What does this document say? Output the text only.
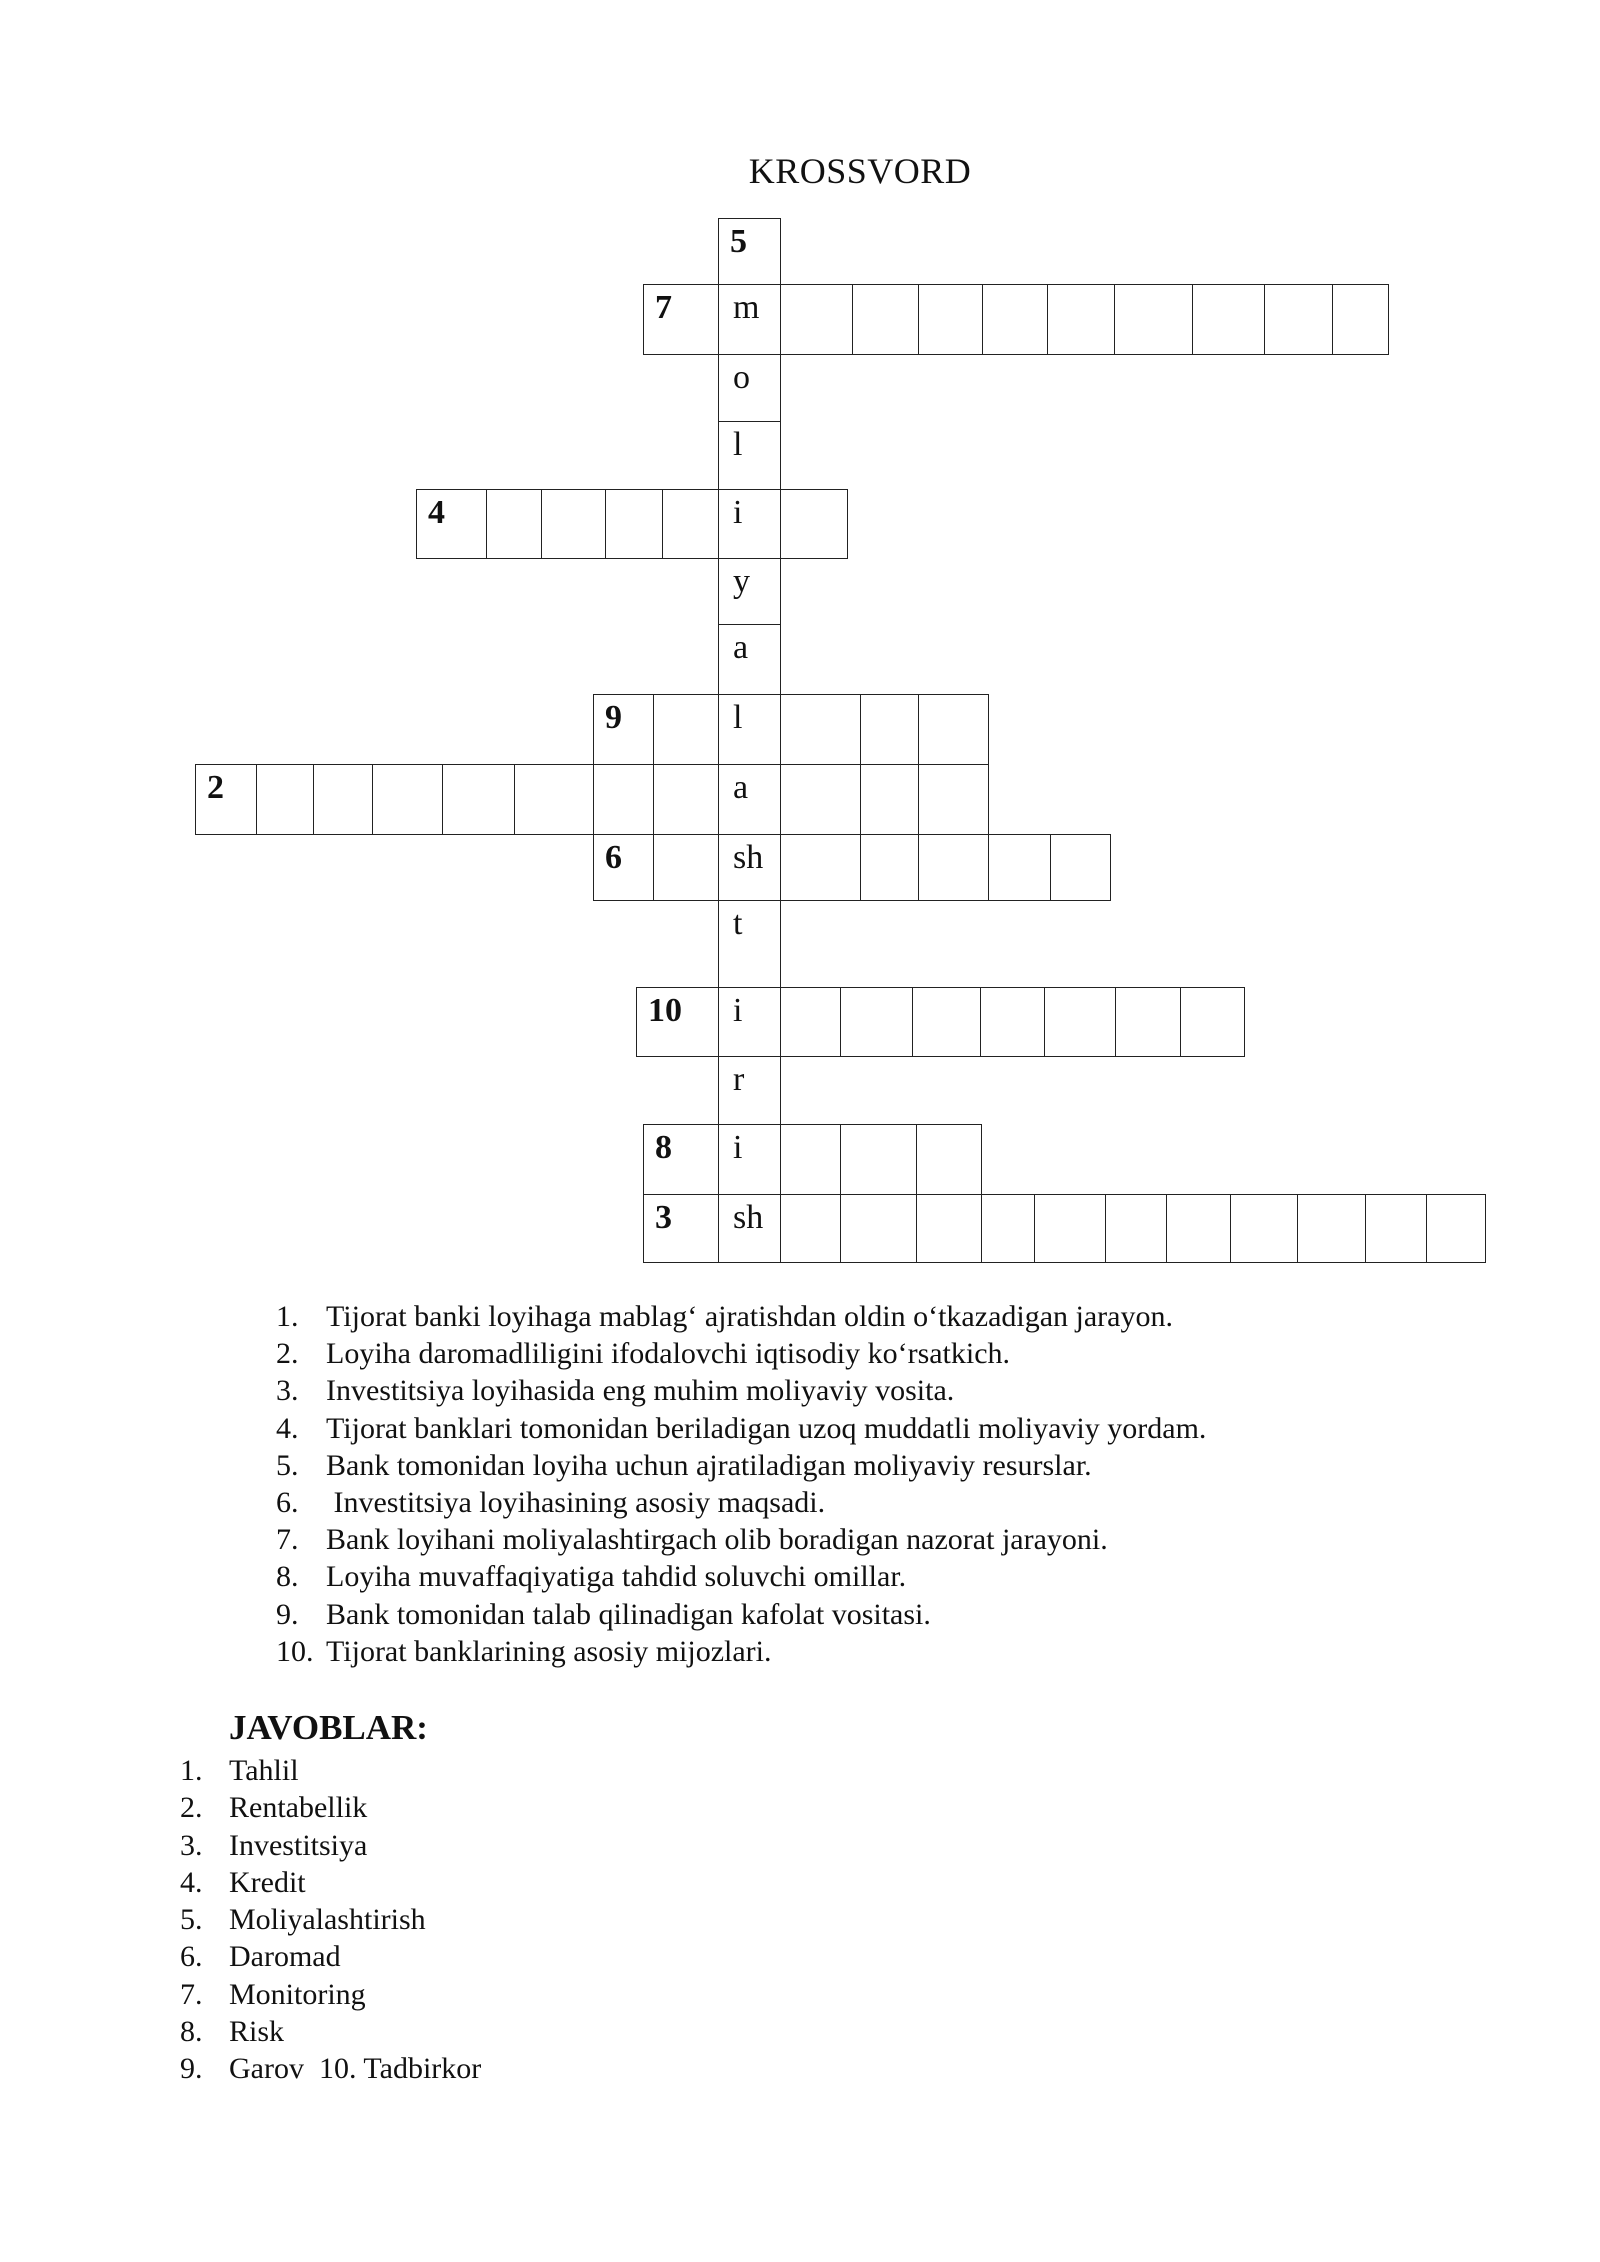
KROSSVORD
7
4
9
2
6
10
8
3
5
m
o
l
i
y
a
l
a
sh
t
i
r
i
sh
1. Tijorat banki loyihaga mablag‘ ajratishdan oldin o‘tkazadigan jarayon.
2. Loyiha daromadliligini ifodalovchi iqtisodiy ko‘rsatkich.
3. Investitsiya loyihasida eng muhim moliyaviy vosita.
4. Tijorat banklari tomonidan beriladigan uzoq muddatli moliyaviy yordam.
5. Bank tomonidan loyiha uchun ajratiladigan moliyaviy resurslar.
6. Investitsiya loyihasining asosiy maqsadi.
7. Bank loyihani moliyalashtirgach olib boradigan nazorat jarayoni.
8. Loyiha muvaffaqiyatiga tahdid soluvchi omillar.
9. Bank tomonidan talab qilinadigan kafolat vositasi.
10. Tijorat banklarining asosiy mijozlari.
JAVOBLAR:
1. Tahlil
2. Rentabellik
3. Investitsiya
4. Kredit
5. Moliyalashtirish
6. Daromad
7. Monitoring
8. Risk
9. Garov  10. Tadbirkor
